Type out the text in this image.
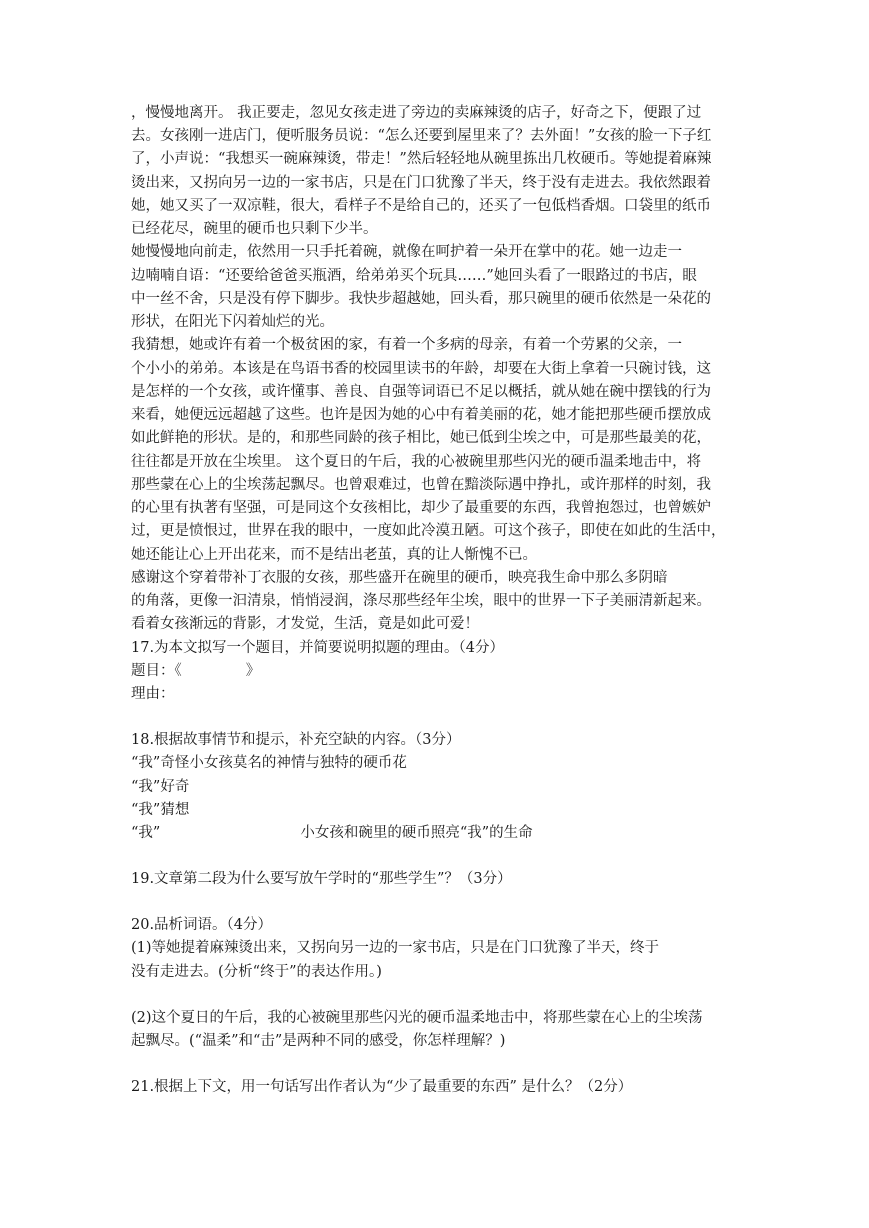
，慢慢地离开。 我正要走，忽见女孩走进了旁边的卖麻辣烫的店子，好奇之下，便跟了过
去。女孩刚一进店门，便听服务员说：“怎么还要到屋里来了？去外面！”女孩的脸一下子红
了，小声说：“我想买一碗麻辣烫，带走！”然后轻轻地从碗里拣出几枚硬币。等她提着麻辣
烫出来，又拐向另一边的一家书店，只是在门口犹豫了半天，终于没有走进去。我依然跟着
她，她又买了一双凉鞋，很大，看样子不是给自己的，还买了一包低档香烟。口袋里的纸币
已经花尽，碗里的硬币也只剩下少半。
她慢慢地向前走，依然用一只手托着碗，就像在呵护着一朵开在掌中的花。她一边走一
边喃喃自语：“还要给爸爸买瓶酒，给弟弟买个玩具……”她回头看了一眼路过的书店，眼
中一丝不舍，只是没有停下脚步。我快步超越她，回头看，那只碗里的硬币依然是一朵花的
形状，在阳光下闪着灿烂的光。
我猜想，她或许有着一个极贫困的家，有着一个多病的母亲，有着一个劳累的父亲，一
个小小的弟弟。本该是在鸟语书香的校园里读书的年龄，却要在大街上拿着一只碗讨钱，这
是怎样的一个女孩，或许懂事、善良、自强等词语已不足以概括，就从她在碗中摆钱的行为
来看，她便远远超越了这些。也许是因为她的心中有着美丽的花，她才能把那些硬币摆放成
如此鲜艳的形状。是的，和那些同龄的孩子相比，她已低到尘埃之中，可是那些最美的花，
往往都是开放在尘埃里。 这个夏日的午后，我的心被碗里那些闪光的硬币温柔地击中，将
那些蒙在心上的尘埃荡起飘尽。也曾艰难过，也曾在黯淡际遇中挣扎，或许那样的时刻，我
的心里有执著有坚强，可是同这个女孩相比，却少了最重要的东西，我曾抱怨过，也曾嫉妒
过，更是愤恨过，世界在我的眼中，一度如此冷漠丑陋。可这个孩子，即使在如此的生活中，
她还能让心上开出花来，而不是结出老茧，真的让人惭愧不已。
感谢这个穿着带补丁衣服的女孩，那些盛开在碗里的硬币，映亮我生命中那么多阴暗
的角落，更像一汩清泉，悄悄浸润，涤尽那些经年尘埃，眼中的世界一下子美丽清新起来。
看着女孩渐远的背影，才发觉，生活，竟是如此可爱！
17.为本文拟写一个题目，并简要说明拟题的理由。（4分）
题目：《	》
理由：
18.根据故事情节和提示，补充空缺的内容。（3分）
“我”奇怪小女孩莫名的神情与独特的硬币花
“我”好奇
“我”猜想
“我”	小女孩和碗里的硬币照亮“我”的生命
19.文章第二段为什么要写放午学时的“那些学生”？（3分）
20.品析词语。（4分）
(1)等她提着麻辣烫出来，又拐向另一边的一家书店，只是在门口犹豫了半天，终于
没有走进去。(分析“终于”的表达作用。)
(2)这个夏日的午后，我的心被碗里那些闪光的硬币温柔地击中，将那些蒙在心上的尘埃荡
起飘尽。(“温柔”和“击”是两种不同的感受，你怎样理解？)
21.根据上下文，用一句话写出作者认为“少了最重要的东西” 是什么？（2分）
